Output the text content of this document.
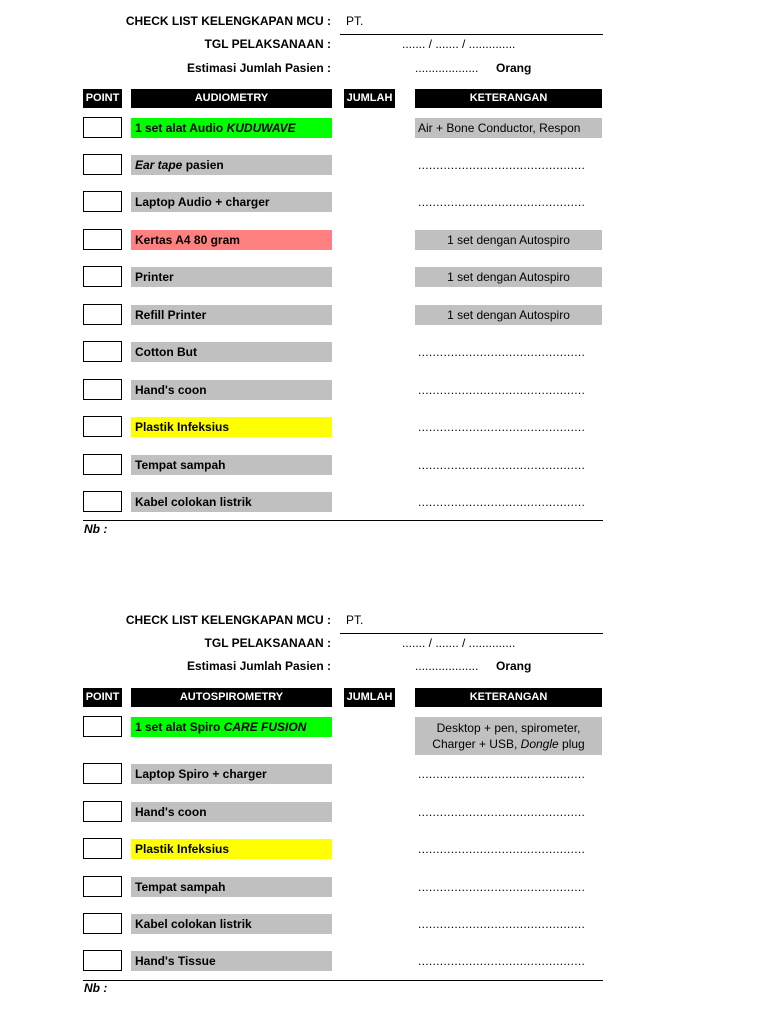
CHECK LIST KELENGKAPAN MCU : PT.
TGL PELAKSANAAN :	....... / ....... / ..............
Estimasi Jumlah Pasien :	................... Orang
POINT	AUDIOMETRY	JUMLAH	KETERANGAN
1 set alat Audio KUDUWAVE	Air + Bone Conductor, Respon
Ear tape pasien	..............................................
Laptop Audio + charger	..............................................
Kertas A4 80 gram	1 set dengan Autospiro
Printer	1 set dengan Autospiro
Refill Printer	1 set dengan Autospiro
Cotton But	..............................................
Hand's coon	..............................................
Plastik Infeksius	..............................................
Tempat sampah	..............................................
Kabel colokan listrik	..............................................
Nb :
CHECK LIST KELENGKAPAN MCU : PT.
TGL PELAKSANAAN :	....... / ....... / ..............
Estimasi Jumlah Pasien :	................... Orang
POINT	AUTOSPIROMETRY	JUMLAH	KETERANGAN
1 set alat Spiro CARE FUSION	Desktop + pen, spirometer,
Charger + USB, Dongle plug
Laptop Spiro + charger	..............................................
Hand's coon	..............................................
Plastik Infeksius	..............................................
Tempat sampah	..............................................
Kabel colokan listrik	..............................................
Hand's Tissue	..............................................
Nb :
